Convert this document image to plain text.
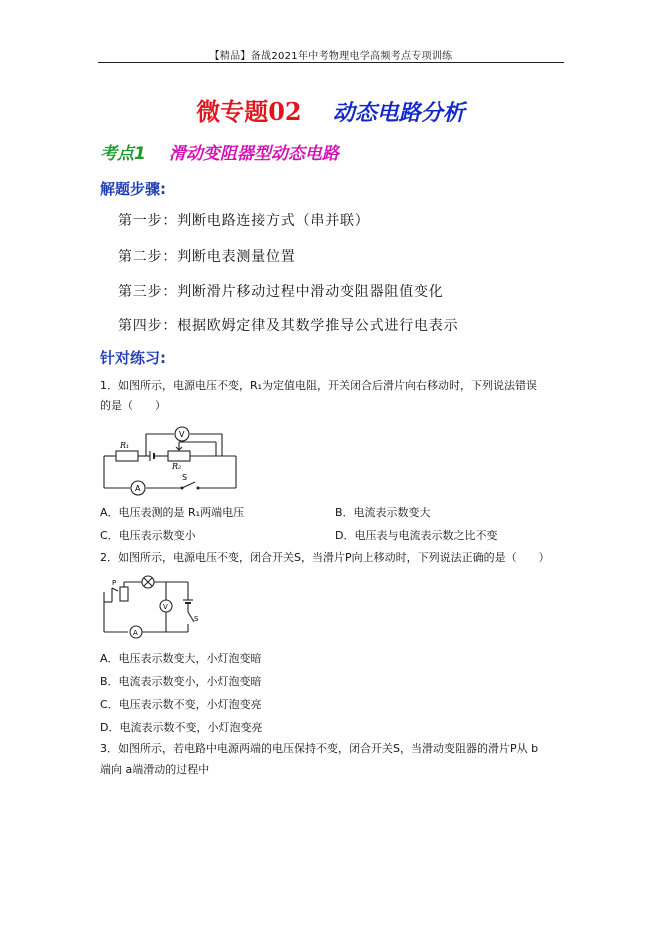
【精品】备战2021年中考物理电学高频考点专项训练
微专题02 动态电路分析
考点1 滑动变阻器型动态电路
解题步骤:
第一步：判断电路连接方式（串并联）
第二步：判断电表测量位置
第三步：判断滑片移动过程中滑动变阻器阻值变化
第四步：根据欧姆定律及其数学推导公式进行电表示
针对练习:
1．如图所示，电源电压不变，R₁为定值电阻，开关闭合后滑片向右移动时，下列说法错误
的是（　　）
R₁
R₂
V
A
S
A．电压表测的是 R₁两端电压	B．电流表示数变大
C．电压表示数变小	D．电压表与电流表示数之比不变
2．如图所示，电源电压不变，闭合开关S，当滑片P向上移动时，下列说法正确的是（　　）
P
V
A
S
A．电压表示数变大，小灯泡变暗
B．电流表示数变小，小灯泡变暗
C．电压表示数不变，小灯泡变亮
D．电流表示数不变，小灯泡变亮
3．如图所示，若电路中电源两端的电压保持不变，闭合开关S，当滑动变阻器的滑片P从 b
端向 a端滑动的过程中
